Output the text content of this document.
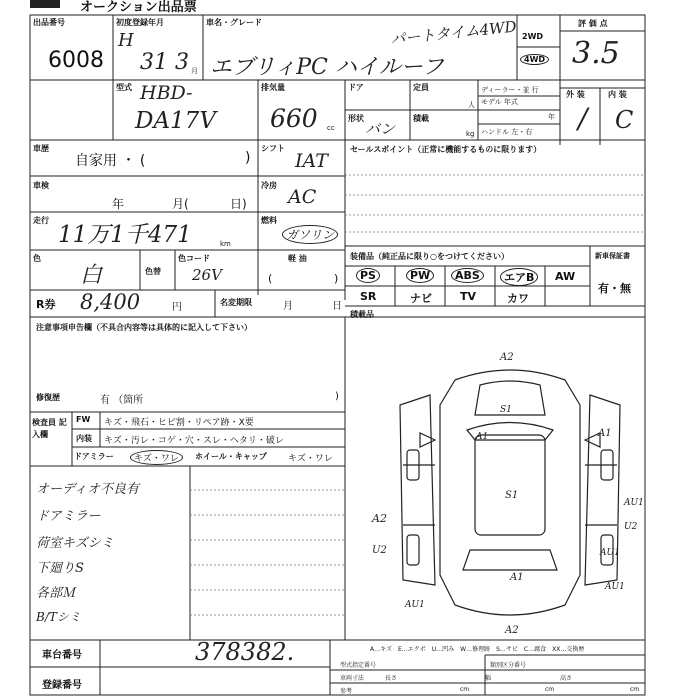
オークション出品票
出品番号
6008
初度登録年月
H
31 3 月
車名・グレード
エブリィPC ハイルーフ
パートタイム4WD 2WD
4WD
評 価 点
3.5
型式 HBD-
DA17V
排気量
660 cc
ドア	定員
人
形状
バン
積載
kg
ディーラー・並 行
モデル 年式
年
ハンドル 左・右
外 装	内 装
/ C
車歴
自家用 ・ (	)
シフト
IAT
セールスポイント（正常に機能するものに限ります）
車検
年	月(	日)
冷房
AC
走行
11万1千471	km
燃料
ガソリン
色
白	色替
色コード
26V
軽 油
(	)
装備品（純正品に限り○をつけてください）
PS	PW	ABS	エアB	AW
SR	ナビ	TV	カワ
新車保証書
有・無
R券 8,400	円	名変期限	月	日
積載品
注意事項申告欄（不具合内容等は具体的に記入して下さい）
修復歴	有 （箇所	)
検査員 記入欄
FW キズ・飛石・ヒビ割・リペア跡・X要
内装 キズ・汚レ・コゲ・穴・スレ・ヘタリ・破レ
ドアミラー	キズ・ワレ	ホイール・キャップ キズ・ワレ
オーディオ不良有
ドアミラー
荷室キズシミ
下廻りS
各部Ｍ
B/Tシミ
A2
A1
S1
S1
A2
U2
A1
AU1
U2
AU1
AU1
A2
A1
AU1
A…キズ　E…エクボ　U…凹み　W…修理跡　S…サビ　C…腐食　XX…交換歴
車台番号	378382.
登録番号
型式指定番号	類別区分番号
車両寸法	長さ	幅	高さ
参考	cm	cm	cm
